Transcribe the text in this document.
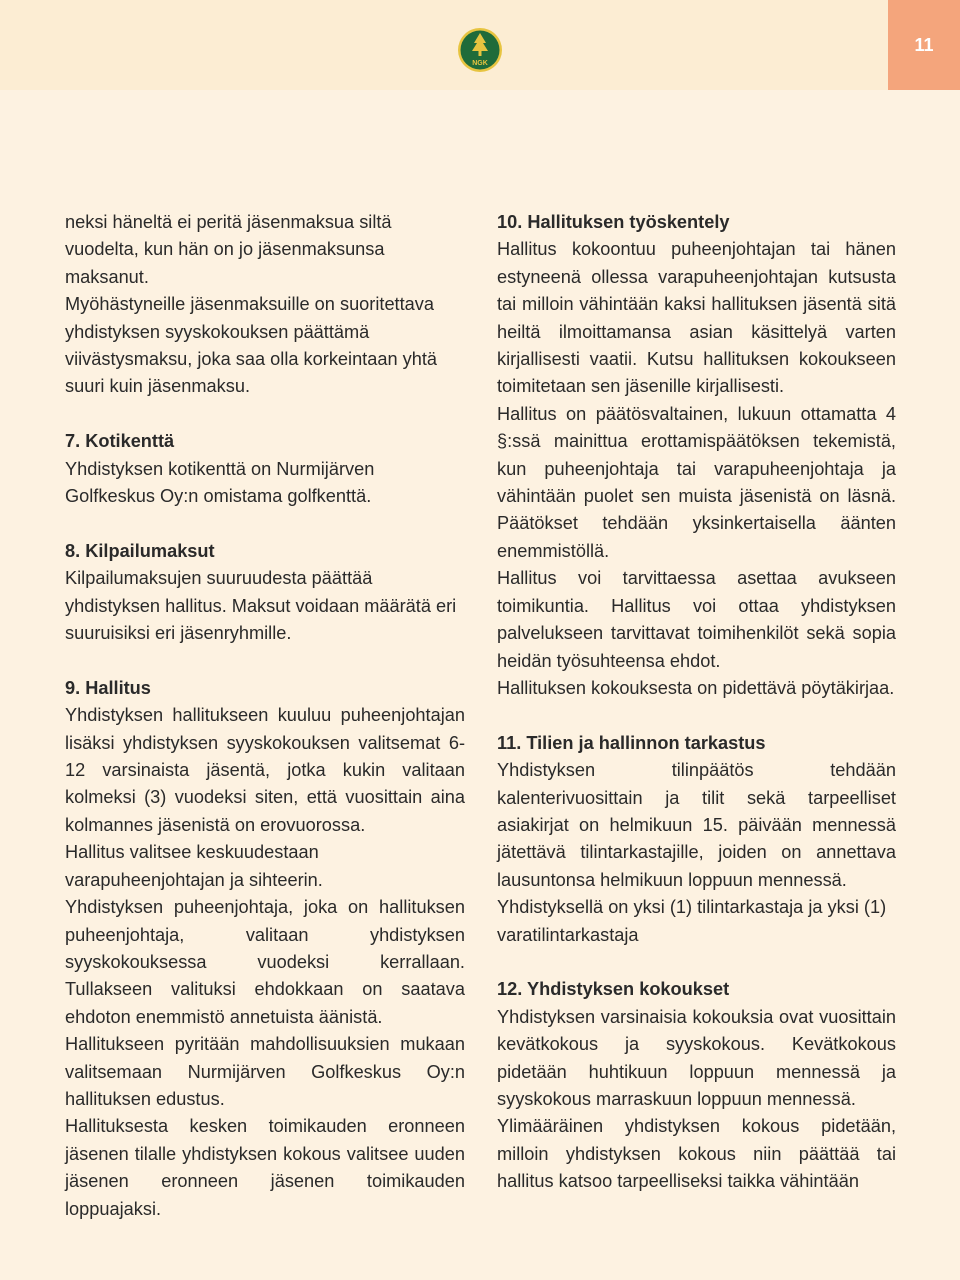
NGK
11

neksi häneltä ei peritä jäsenmaksua siltä vuodelta, kun hän on jo jäsenmaksunsa maksanut.

Myöhästyneille jäsenmaksuille on suoritettava yhdistyksen syyskokouksen päättämä viivästysmaksu, joka saa olla korkeintaan yhtä suuri kuin jäsenmaksu.

7. Kotikenttä

Yhdistyksen kotikenttä on Nurmijärven Golfkeskus Oy:n omistama golfkenttä.

8. Kilpailumaksut

Kilpailumaksujen suuruudesta päättää yhdistyksen hallitus. Maksut voidaan määrätä eri suuruisiksi eri jäsenryhmille.

9. Hallitus

Yhdistyksen hallitukseen kuuluu puheenjohtajan lisäksi yhdistyksen syyskokouksen valitsemat 6-12 varsinaista jäsentä, jotka kukin valitaan kolmeksi (3) vuodeksi siten, että vuosittain aina kolmannes jäsenistä on erovuorossa.

Hallitus valitsee keskuudestaan varapuheenjohtajan ja sihteerin.

Yhdistyksen puheenjohtaja, joka on hallituksen puheenjohtaja, valitaan yhdistyksen syyskokouksessa vuodeksi kerrallaan. Tullakseen valituksi ehdokkaan on saatava ehdoton enemmistö annetuista äänistä.

Hallitukseen pyritään mahdollisuuksien mukaan valitsemaan Nurmijärven Golfkeskus Oy:n hallituksen edustus.

Hallituksesta kesken toimikauden eronneen jäsenen tilalle yhdistyksen kokous valitsee uuden jäsenen eronneen jäsenen toimikauden loppuajaksi.

10. Hallituksen työskentely

Hallitus kokoontuu puheenjohtajan tai hänen estyneenä ollessa varapuheenjohtajan kutsusta tai milloin vähintään kaksi hallituksen jäsentä sitä heiltä ilmoittamansa asian käsittelyä varten kirjallisesti vaatii. Kutsu hallituksen kokoukseen toimitetaan sen jäsenille kirjallisesti.

Hallitus on päätösvaltainen, lukuun ottamatta 4 §:ssä mainittua erottamispäätöksen tekemistä, kun puheenjohtaja tai varapuheenjohtaja ja vähintään puolet sen muista jäsenistä on läsnä. Päätökset tehdään yksinkertaisella äänten enemmistöllä.

Hallitus voi tarvittaessa asettaa avukseen toimikuntia. Hallitus voi ottaa yhdistyksen palvelukseen tarvittavat toimihenkilöt sekä sopia heidän työsuhteensa ehdot.

Hallituksen kokouksesta on pidettävä pöytäkirjaa.

11. Tilien ja hallinnon tarkastus

Yhdistyksen tilinpäätös tehdään kalenterivuosittain ja tilit sekä tarpeelliset asiakirjat on helmikuun 15. päivään mennessä jätettävä tilintarkastajille, joiden on annettava lausuntonsa helmikuun loppuun mennessä.

Yhdistyksellä on yksi (1) tilintarkastaja ja yksi (1) varatilintarkastaja

12. Yhdistyksen kokoukset

Yhdistyksen varsinaisia kokouksia ovat vuosittain kevätkokous ja syyskokous. Kevätkokous pidetään huhtikuun loppuun mennessä ja syyskokous marraskuun loppuun mennessä.

Ylimääräinen yhdistyksen kokous pidetään, milloin yhdistyksen kokous niin päättää tai hallitus katsoo tarpeelliseksi taikka vähintään
